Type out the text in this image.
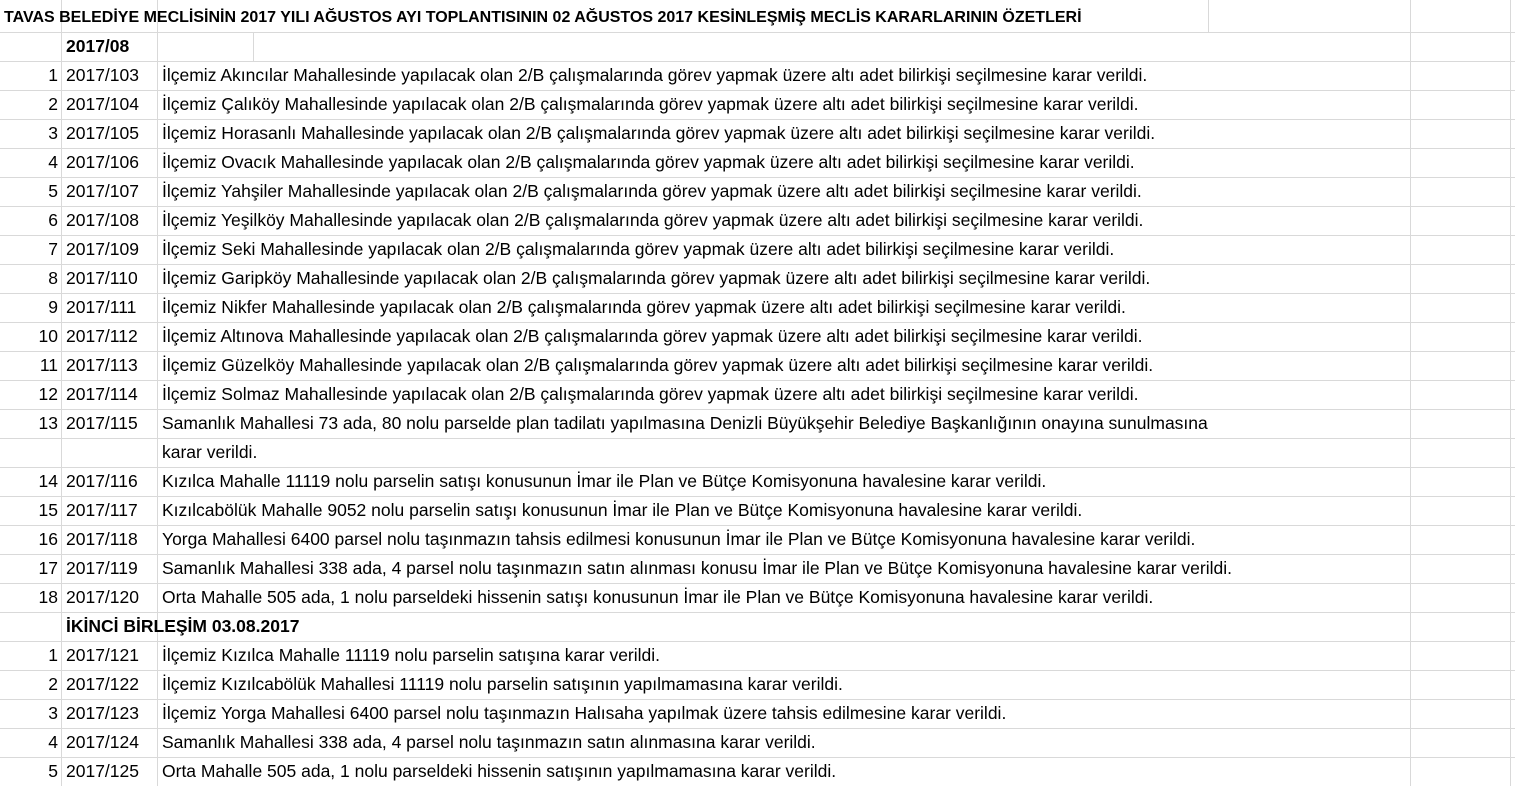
TAVAS BELEDİYE MECLİSİNİN 2017 YILI AĞUSTOS AYI TOPLANTISININ 02 AĞUSTOS 2017 KESİNLEŞMİŞ MECLİS KARARLARININ ÖZETLERİ
2017/08
1 2017/103	İlçemiz Akıncılar Mahallesinde yapılacak olan 2/B çalışmalarında görev yapmak üzere altı adet bilirkişi seçilmesine karar verildi.
2 2017/104	İlçemiz Çalıköy Mahallesinde yapılacak olan 2/B çalışmalarında görev yapmak üzere altı adet bilirkişi seçilmesine karar verildi.
3 2017/105	İlçemiz Horasanlı Mahallesinde yapılacak olan 2/B çalışmalarında görev yapmak üzere altı adet bilirkişi seçilmesine karar verildi.
4 2017/106	İlçemiz Ovacık Mahallesinde yapılacak olan 2/B çalışmalarında görev yapmak üzere altı adet bilirkişi seçilmesine karar verildi.
5 2017/107	İlçemiz Yahşiler Mahallesinde yapılacak olan 2/B çalışmalarında görev yapmak üzere altı adet bilirkişi seçilmesine karar verildi.
6 2017/108	İlçemiz Yeşilköy Mahallesinde yapılacak olan 2/B çalışmalarında görev yapmak üzere altı adet bilirkişi seçilmesine karar verildi.
7 2017/109	İlçemiz Seki Mahallesinde yapılacak olan 2/B çalışmalarında görev yapmak üzere altı adet bilirkişi seçilmesine karar verildi.
8 2017/110	İlçemiz Garipköy Mahallesinde yapılacak olan 2/B çalışmalarında görev yapmak üzere altı adet bilirkişi seçilmesine karar verildi.
9 2017/111	İlçemiz Nikfer Mahallesinde yapılacak olan 2/B çalışmalarında görev yapmak üzere altı adet bilirkişi seçilmesine karar verildi.
10 2017/112	İlçemiz Altınova Mahallesinde yapılacak olan 2/B çalışmalarında görev yapmak üzere altı adet bilirkişi seçilmesine karar verildi.
11 2017/113	İlçemiz Güzelköy Mahallesinde yapılacak olan 2/B çalışmalarında görev yapmak üzere altı adet bilirkişi seçilmesine karar verildi.
12 2017/114	İlçemiz Solmaz Mahallesinde yapılacak olan 2/B çalışmalarında görev yapmak üzere altı adet bilirkişi seçilmesine karar verildi.
13 2017/115	Samanlık Mahallesi 73 ada, 80 nolu parselde plan tadilatı yapılmasına Denizli Büyükşehir Belediye Başkanlığının onayına sunulmasına
karar verildi.
14 2017/116	Kızılca Mahalle 11119 nolu parselin satışı konusunun İmar ile Plan ve Bütçe Komisyonuna havalesine karar verildi.
15 2017/117	Kızılcabölük Mahalle 9052 nolu parselin satışı konusunun İmar ile Plan ve Bütçe Komisyonuna havalesine karar verildi.
16 2017/118	Yorga Mahallesi 6400 parsel nolu taşınmazın tahsis edilmesi konusunun İmar ile Plan ve Bütçe Komisyonuna havalesine karar verildi.
17 2017/119	Samanlık Mahallesi 338 ada, 4 parsel nolu taşınmazın satın alınması konusu İmar ile Plan ve Bütçe Komisyonuna havalesine karar verildi.
18 2017/120	Orta Mahalle 505 ada, 1 nolu parseldeki hissenin satışı konusunun İmar ile Plan ve Bütçe Komisyonuna havalesine karar verildi.
İKİNCİ BİRLEŞİM 03.08.2017
1 2017/121	İlçemiz Kızılca Mahalle 11119 nolu parselin satışına karar verildi.
2 2017/122	İlçemiz Kızılcabölük Mahallesi 11119 nolu parselin satışının yapılmamasına karar verildi.
3 2017/123	İlçemiz Yorga Mahallesi 6400 parsel nolu taşınmazın Halısaha yapılmak üzere tahsis edilmesine karar verildi.
4 2017/124	Samanlık Mahallesi 338 ada, 4 parsel nolu taşınmazın satın alınmasına karar verildi.
5 2017/125	Orta Mahalle 505 ada, 1 nolu parseldeki hissenin satışının yapılmamasına karar verildi.
